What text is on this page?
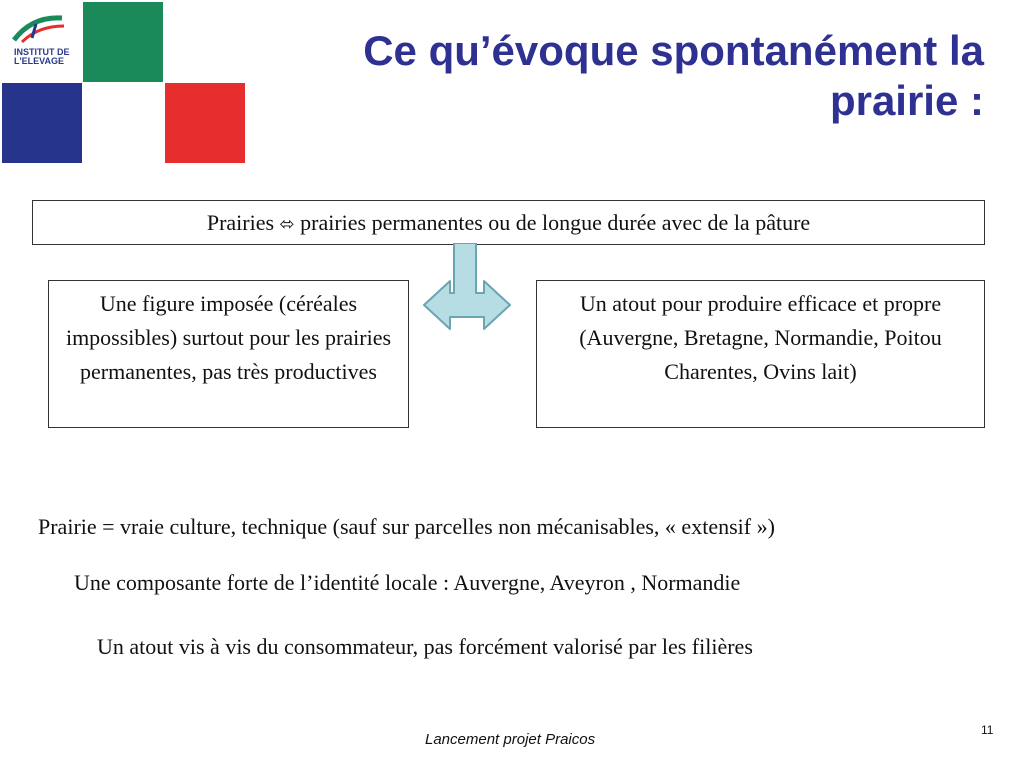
INSTITUT DE
L'ELEVAGE	Ce qu’évoque spontanément la
prairie :
Prairies ⬄ prairies permanentes ou de longue durée avec de la pâture
Une figure imposée (céréales impossibles) surtout pour les prairies permanentes, pas très productives
Un atout pour produire efficace et propre (Auvergne, Bretagne, Normandie, Poitou Charentes, Ovins lait)
Prairie = vraie culture, technique (sauf sur parcelles non mécanisables, « extensif »)
Une composante forte de l’identité locale : Auvergne, Aveyron , Normandie
Un atout vis à vis du consommateur, pas forcément valorisé par les filières
Lancement projet Praicos
11
